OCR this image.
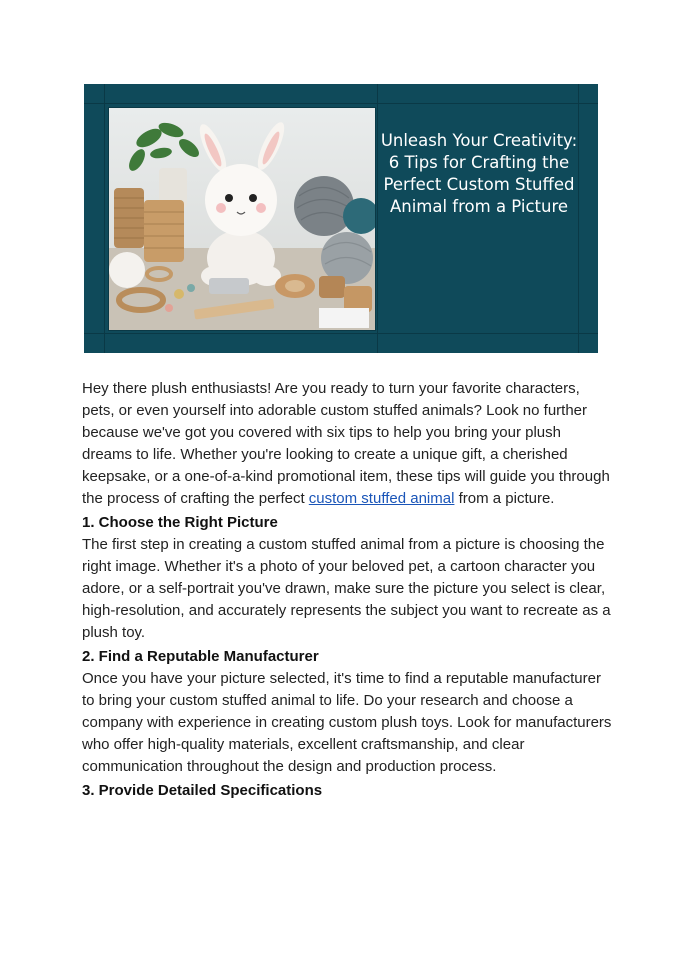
Unleash Your Creativity: 6 Tips for Crafting the Perfect Custom Stuffed Animal from a Picture

Hey there plush enthusiasts! Are you ready to turn your favorite characters, pets, or even yourself into adorable custom stuffed animals? Look no further because we've got you covered with six tips to help you bring your plush dreams to life. Whether you're looking to create a unique gift, a cherished keepsake, or a one-of-a-kind promotional item, these tips will guide you through the process of crafting the perfect custom stuffed animal from a picture.

1. Choose the Right Picture

The first step in creating a custom stuffed animal from a picture is choosing the right image. Whether it's a photo of your beloved pet, a cartoon character you adore, or a self-portrait you've drawn, make sure the picture you select is clear, high-resolution, and accurately represents the subject you want to recreate as a plush toy.

2. Find a Reputable Manufacturer

Once you have your picture selected, it's time to find a reputable manufacturer to bring your custom stuffed animal to life. Do your research and choose a company with experience in creating custom plush toys. Look for manufacturers who offer high-quality materials, excellent craftsmanship, and clear communication throughout the design and production process.

3. Provide Detailed Specifications
